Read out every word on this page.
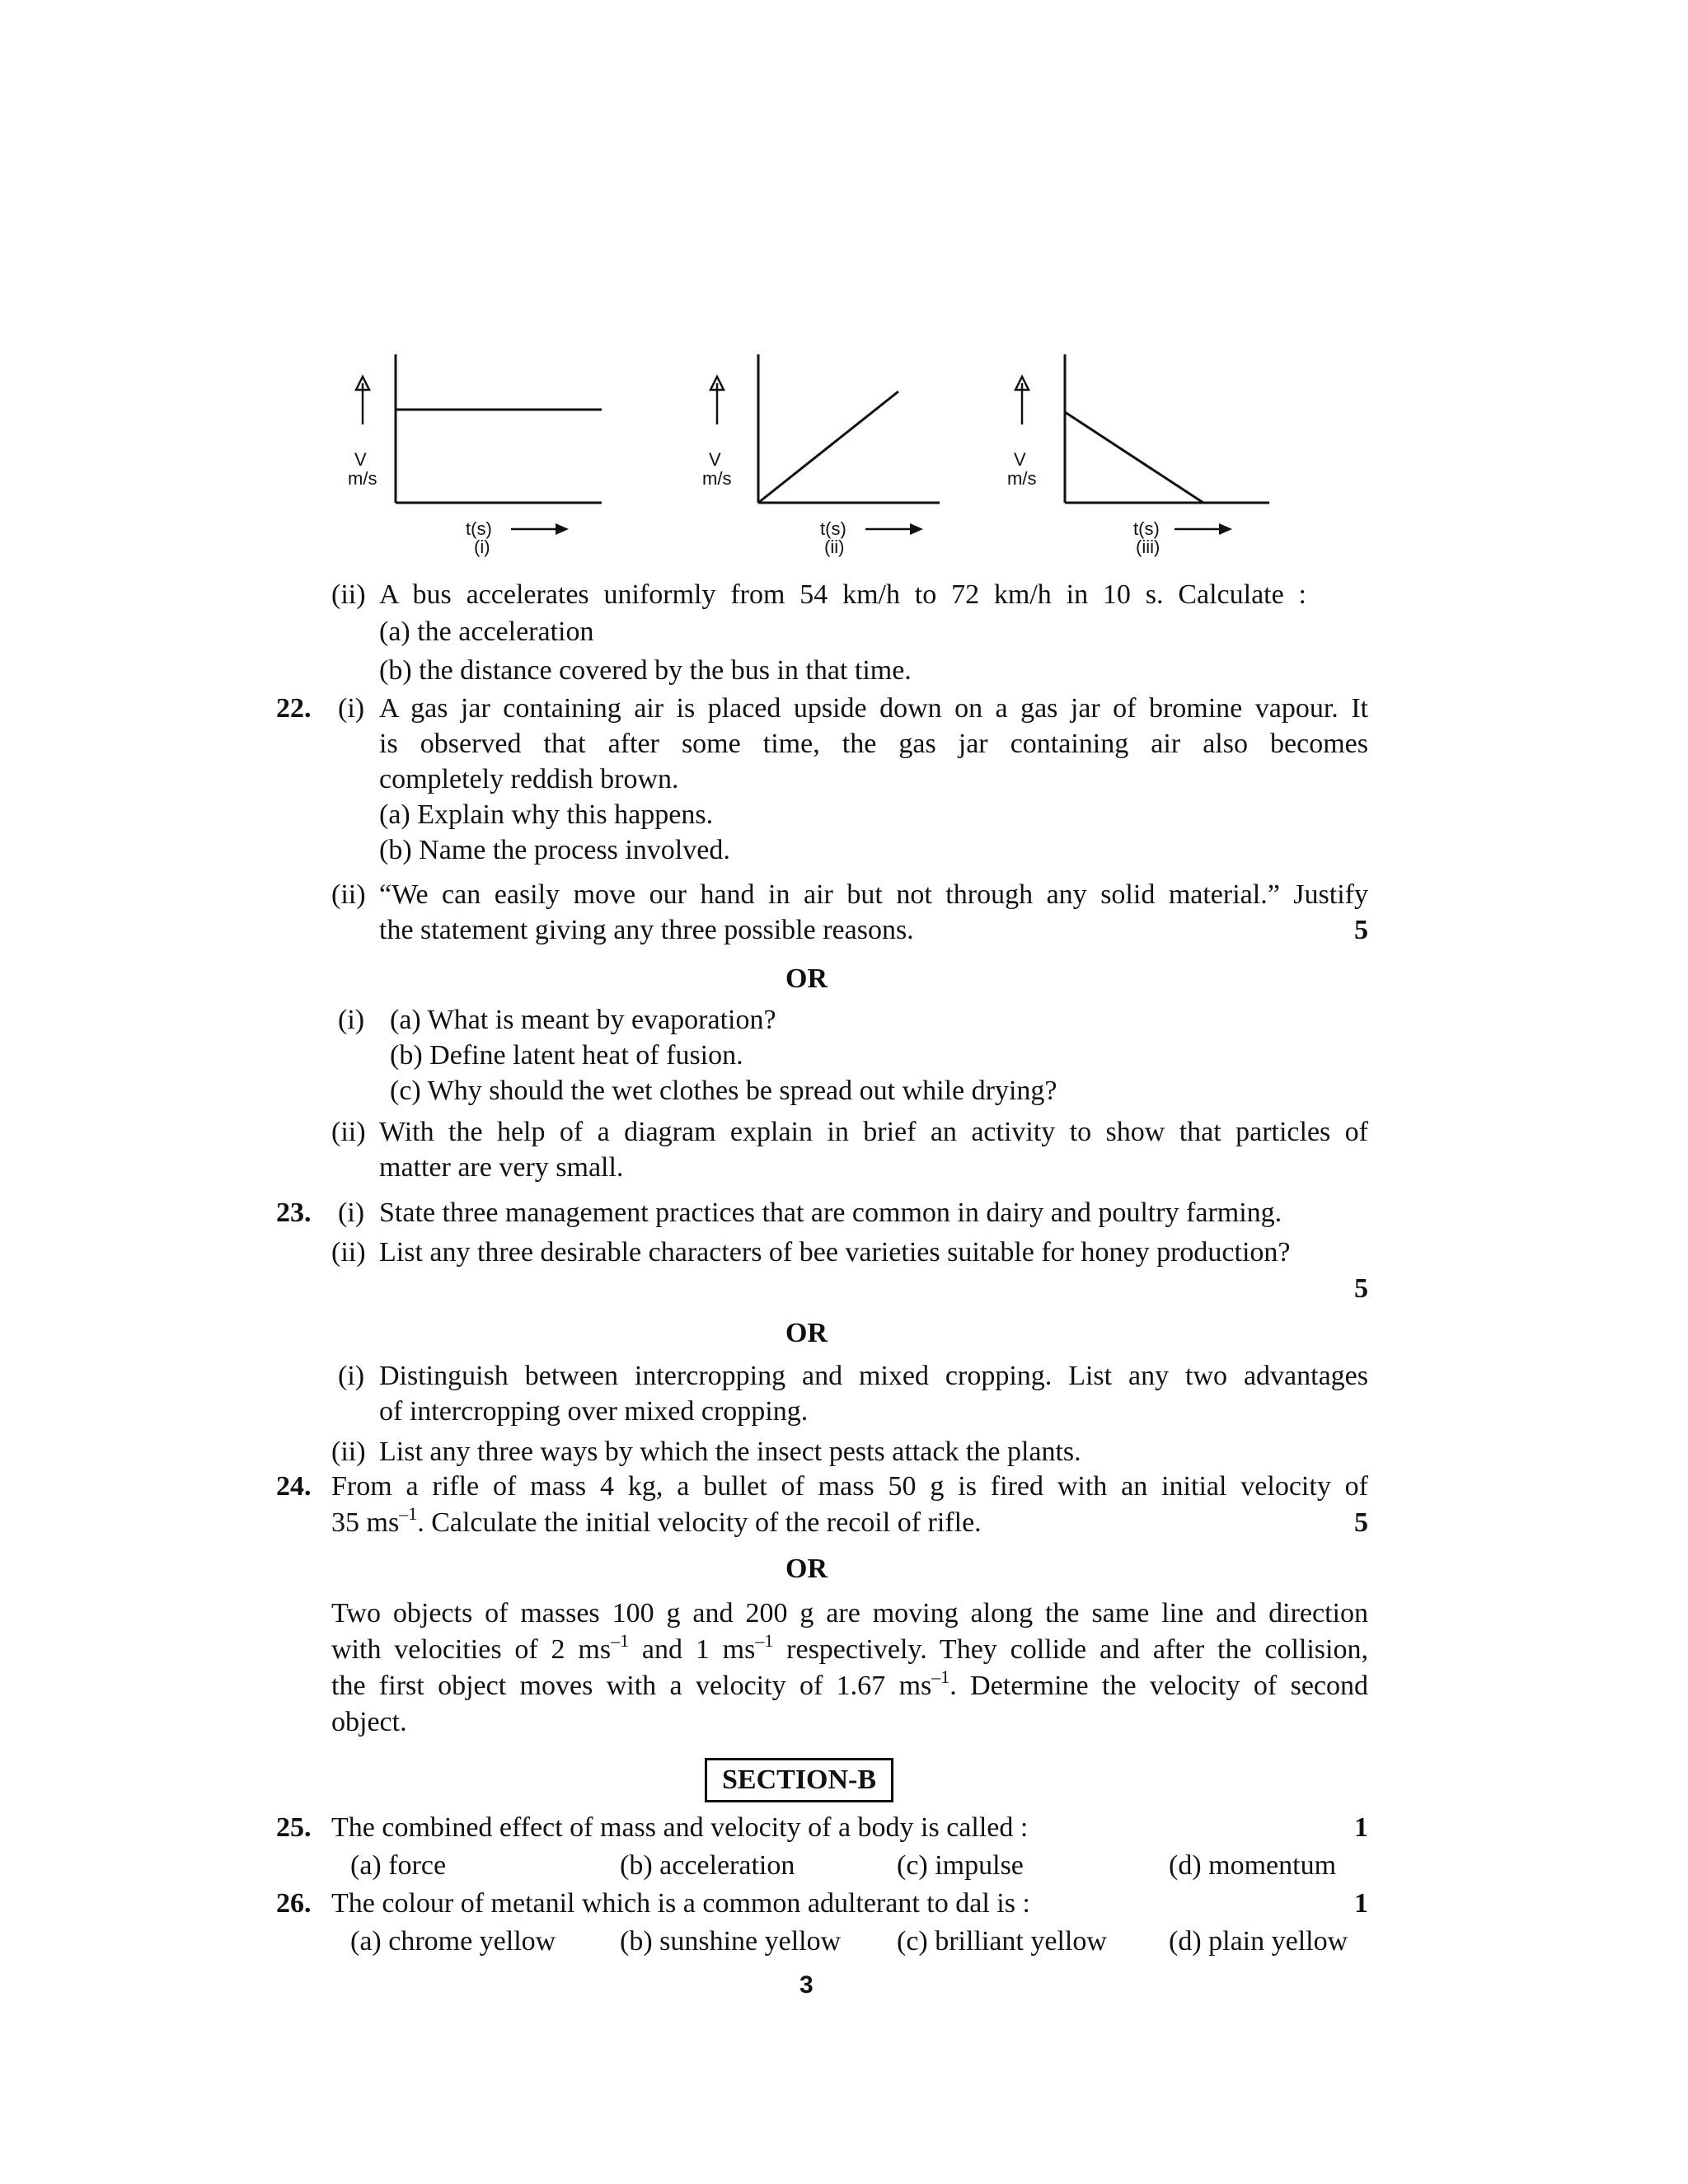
V
m/s
t(s)
(i)
V
m/s
t(s)
(ii)
V
m/s
t(s)
(iii)
(ii) A bus accelerates uniformly from 54 km/h to 72 km/h in 10 s. Calculate :
(a) the acceleration
(b) the distance covered by the bus in that time.
22. (i) A gas jar containing air is placed upside down on a gas jar of bromine vapour. It
is observed that after some time, the gas jar containing air also becomes
completely reddish brown.
(a) Explain why this happens.
(b) Name the process involved.
(ii) “We can easily move our hand in air but not through any solid material.” Justify
the statement giving any three possible reasons.	5
OR
(i) (a) What is meant by evaporation?
(b) Define latent heat of fusion.
(c) Why should the wet clothes be spread out while drying?
(ii) With the help of a diagram explain in brief an activity to show that particles of
matter are very small.
23. (i) State three management practices that are common in dairy and poultry farming.
(ii) List any three desirable characters of bee varieties suitable for honey production?
5
OR
(i) Distinguish between intercropping and mixed cropping. List any two advantages
of intercropping over mixed cropping.
(ii) List any three ways by which the insect pests attack the plants.
24. From a rifle of mass 4 kg, a bullet of mass 50 g is fired with an initial velocity of
35 $ms^{-1}$. Calculate the initial velocity of the recoil of rifle.	5
OR
Two objects of masses 100 g and 200 g are moving along the same line and direction
with velocities of 2 $ms^{-1}$ and 1 $ms^{-1}$ respectively. They collide and after the collision,
the first object moves with a velocity of 1.67 $ms^{-1}$. Determine the velocity of second
object.
SECTION-B
25. The combined effect of mass and velocity of a body is called :	1
(a) force	(b) acceleration	(c) impulse	(d) momentum
26. The colour of metanil which is a common adulterant to dal is :	1
(a) chrome yellow (b) sunshine yellow (c) brilliant yellow (d) plain yellow
3
